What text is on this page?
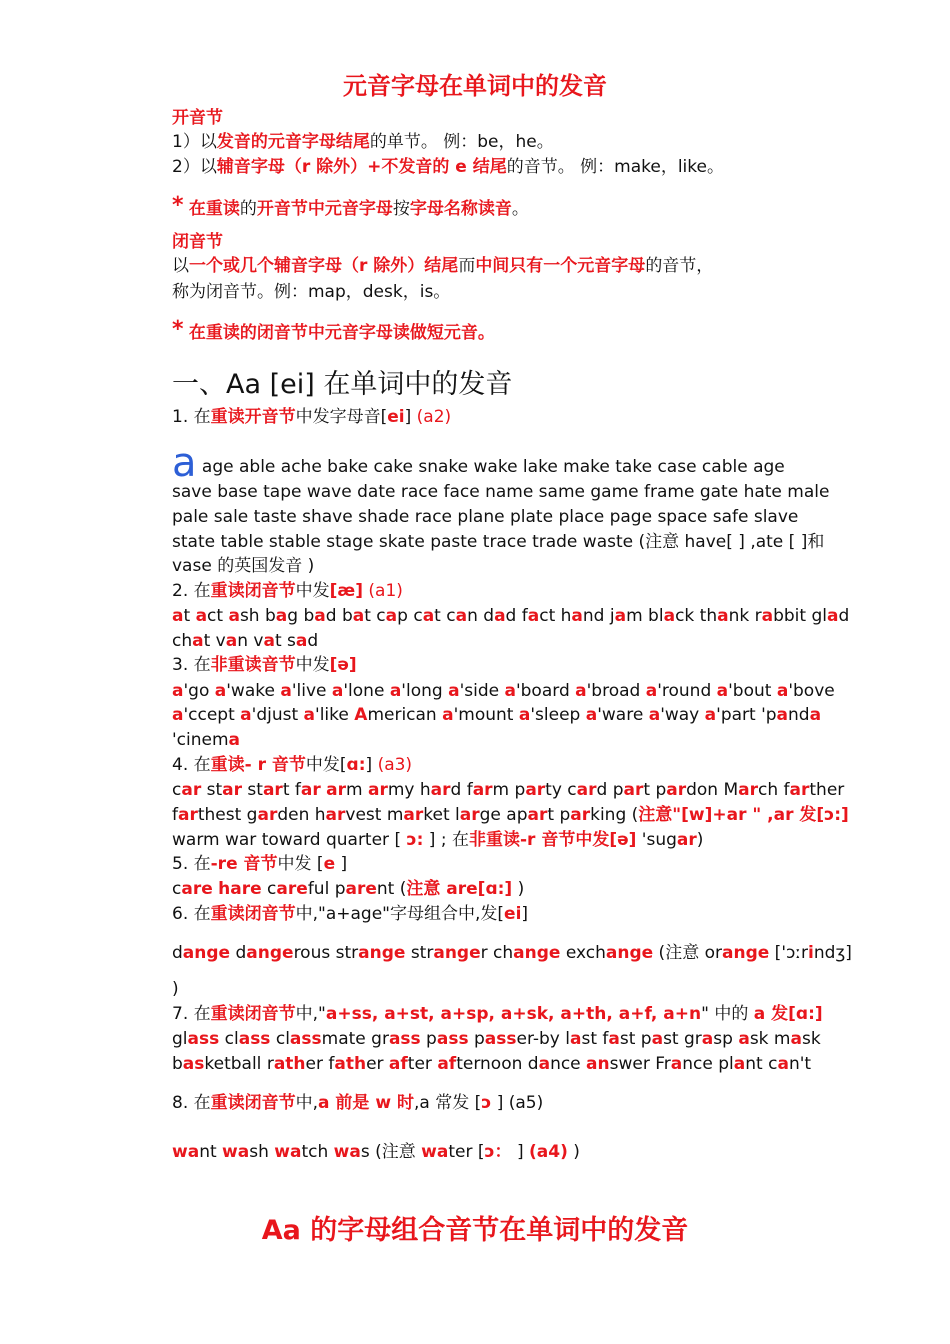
元音字母在单词中的发音
开音节
1）以发音的元音字母结尾的单节。 例：be，he。
2）以辅音字母（r 除外）+不发音的 e 结尾的音节。 例：make，like。
* 在重读的开音节中元音字母按字母名称读音。
闭音节
以一个或几个辅音字母（r 除外）结尾而中间只有一个元音字母的音节，
称为闭音节。例：map，desk，is。
* 在重读的闭音节中元音字母读做短元音。
一、Aa [ei] 在单词中的发音
1. 在重读开音节中发字母音[ei] (a2)
a age able ache bake cake snake wake lake make take case cable age
save base tape wave date race face name same game frame gate hate male
pale sale taste shave shade race plane plate place page space safe slave
state table stable stage skate paste trace trade waste (注意 have[ ] ,ate [ ]和
vase 的英国发音 )
2. 在重读闭音节中发[æ] (a1)
at act ash bag bad bat cap cat can dad fact hand jam black thank rabbit glad
chat van vat sad
3. 在非重读音节中发[ə]
a'go a'wake a'live a'lone a'long a'side a'board a'broad a'round a'bout a'bove
a'ccept a'djust a'like American a'mount a'sleep a'ware a'way a'part 'panda
'cinema
4. 在重读- r 音节中发[ɑ:] (a3)
car star start far arm army hard farm party card part pardon March farther
farthest garden harvest market large apart parking (注意"[w]+ar " ,ar 发[ɔ:]
warm war toward quarter [ ɔ: ] ; 在非重读-r 音节中发[ə] 'sugar)
5. 在-re 音节中发 [e ]
care hare careful parent (注意 are[ɑ:] )
6. 在重读闭音节中,"a+age"字母组合中,发[ei]
dange dangerous strange stranger change exchange (注意 orange ['ɔːrindʒ]
)
7. 在重读闭音节中,"a+ss, a+st, a+sp, a+sk, a+th, a+f, a+n" 中的 a 发[ɑ:]
glass class classmate grass pass passer-by last fast past grasp ask mask
basketball rather father after afternoon dance answer France plant can't
8. 在重读闭音节中,a 前是 w 时,a 常发 [ɔ ] (a5)
want wash watch was (注意 water [ɔ： ] (a4) )
Aa 的字母组合音节在单词中的发音
